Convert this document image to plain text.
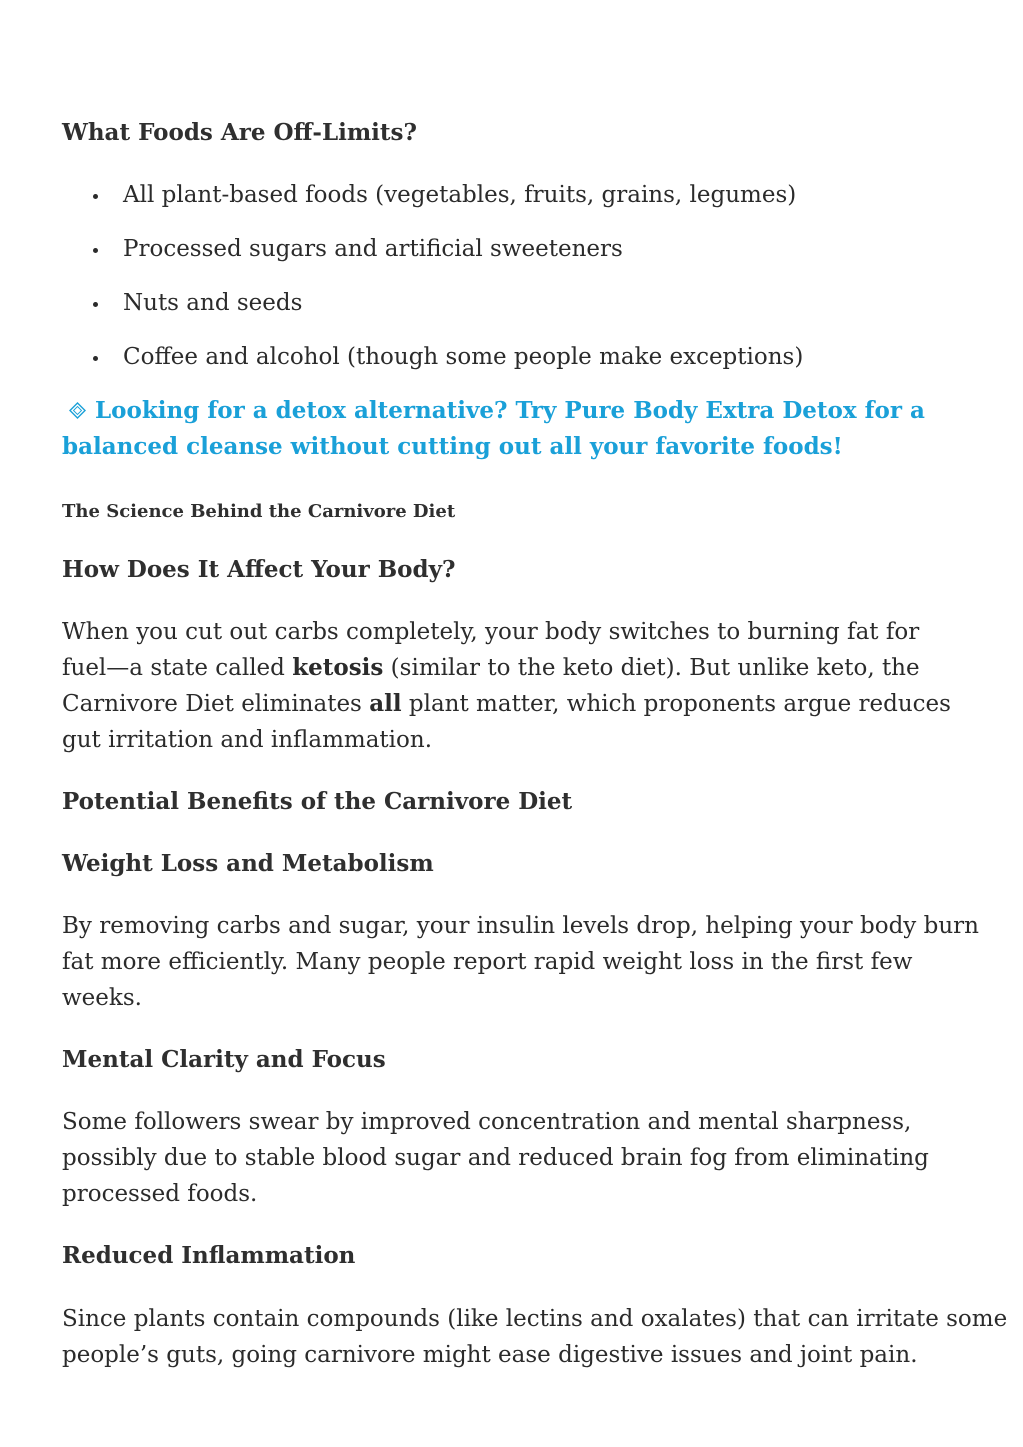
What Foods Are Off-Limits?
All plant-based foods (vegetables, fruits, grains, legumes)
Processed sugars and artificial sweeteners
Nuts and seeds
Coffee and alcohol (though some people make exceptions)
Looking for a detox alternative? Try Pure Body Extra Detox for a
balanced cleanse without cutting out all your favorite foods!
The Science Behind the Carnivore Diet
How Does It Affect Your Body?
When you cut out carbs completely, your body switches to burning fat for
fuel—a state called ketosis (similar to the keto diet). But unlike keto, the
Carnivore Diet eliminates all plant matter, which proponents argue reduces
gut irritation and inflammation.
Potential Benefits of the Carnivore Diet
Weight Loss and Metabolism
By removing carbs and sugar, your insulin levels drop, helping your body burn
fat more efficiently. Many people report rapid weight loss in the first few
weeks.
Mental Clarity and Focus
Some followers swear by improved concentration and mental sharpness,
possibly due to stable blood sugar and reduced brain fog from eliminating
processed foods.
Reduced Inflammation
Since plants contain compounds (like lectins and oxalates) that can irritate some
people’s guts, going carnivore might ease digestive issues and joint pain.
